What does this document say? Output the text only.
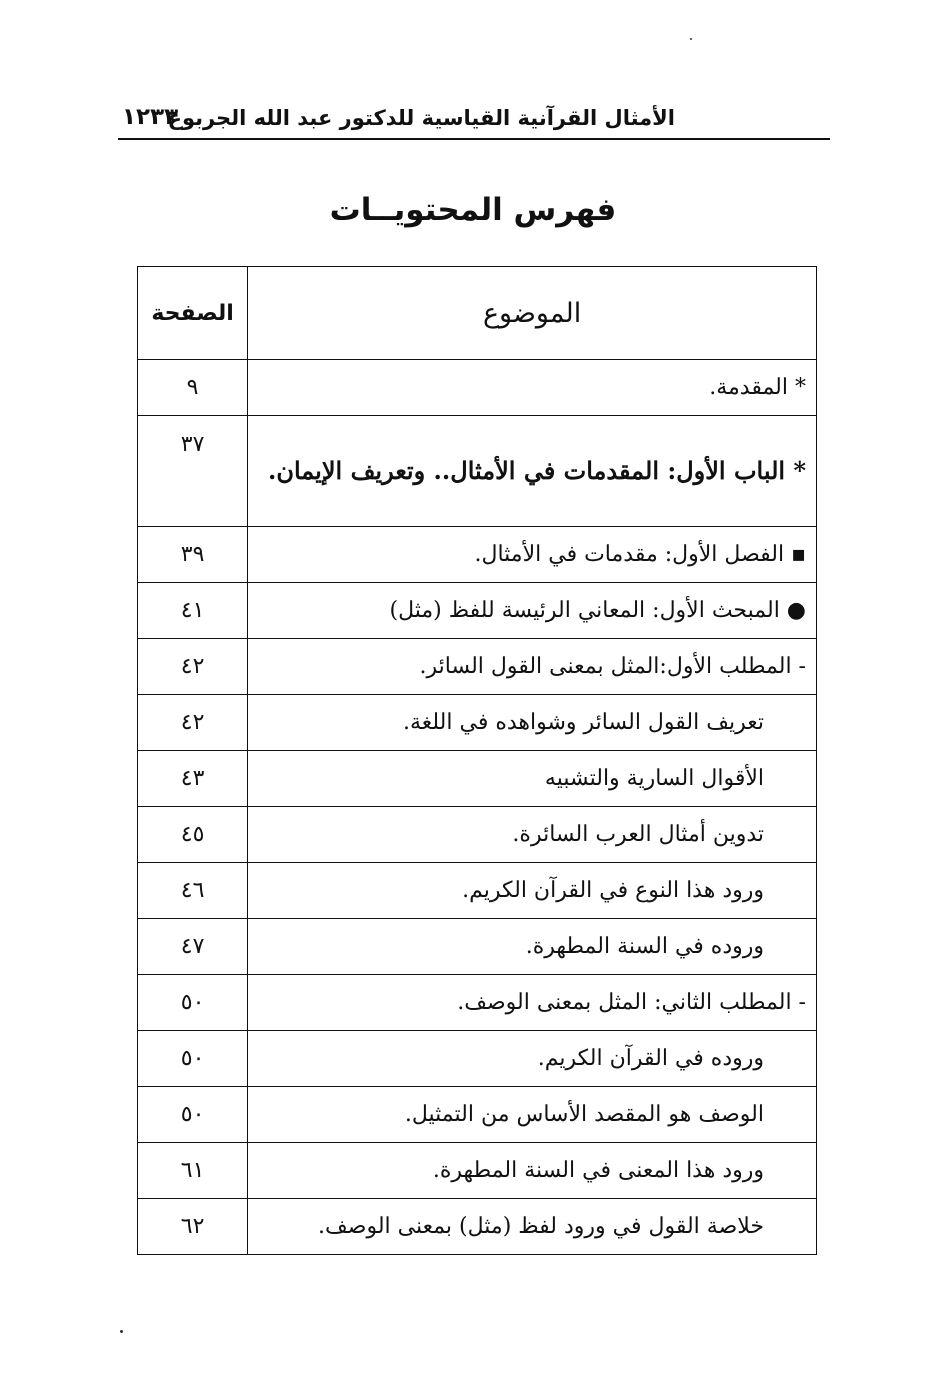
الأمثال القرآنية القياسية للدكتور عبد الله الجربوع
١٢٣٣
فهرس المحتويــات
الموضوع	الصفحة
* المقدمة.	٩
* الباب الأول: المقدمات في الأمثال.. وتعريف الإيمان.	٣٧
▪ الفصل الأول: مقدمات في الأمثال.	٣٩
● المبحث الأول: المعاني الرئيسة للفظ (مثل)	٤١
- المطلب الأول:المثل بمعنى القول السائر.	٤٢
تعريف القول السائر وشواهده في اللغة.	٤٢
الأقوال السارية والتشبيه	٤٣
تدوين أمثال العرب السائرة.	٤٥
ورود هذا النوع في القرآن الكريم.	٤٦
وروده في السنة المطهرة.	٤٧
- المطلب الثاني: المثل بمعنى الوصف.	٥٠
وروده في القرآن الكريم.	٥٠
الوصف هو المقصد الأساس من التمثيل.	٥٠
ورود هذا المعنى في السنة المطهرة.	٦١
خلاصة القول في ورود لفظ (مثل) بمعنى الوصف.	٦٢
